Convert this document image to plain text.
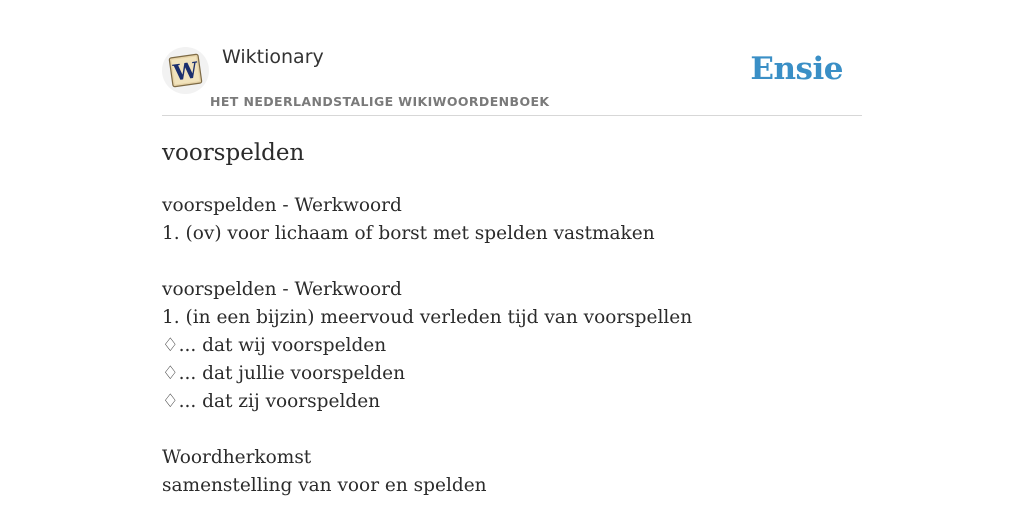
W
Wiktionary
HET NEDERLANDSTALIGE WIKIWOORDENBOEK
Ensie
voorspelden
voorspelden - Werkwoord
1. (ov) voor lichaam of borst met spelden vastmaken
voorspelden - Werkwoord
1. (in een bijzin) meervoud verleden tijd van voorspellen
♢... dat wij voorspelden
♢... dat jullie voorspelden
♢... dat zij voorspelden
Woordherkomst
samenstelling van voor en spelden
